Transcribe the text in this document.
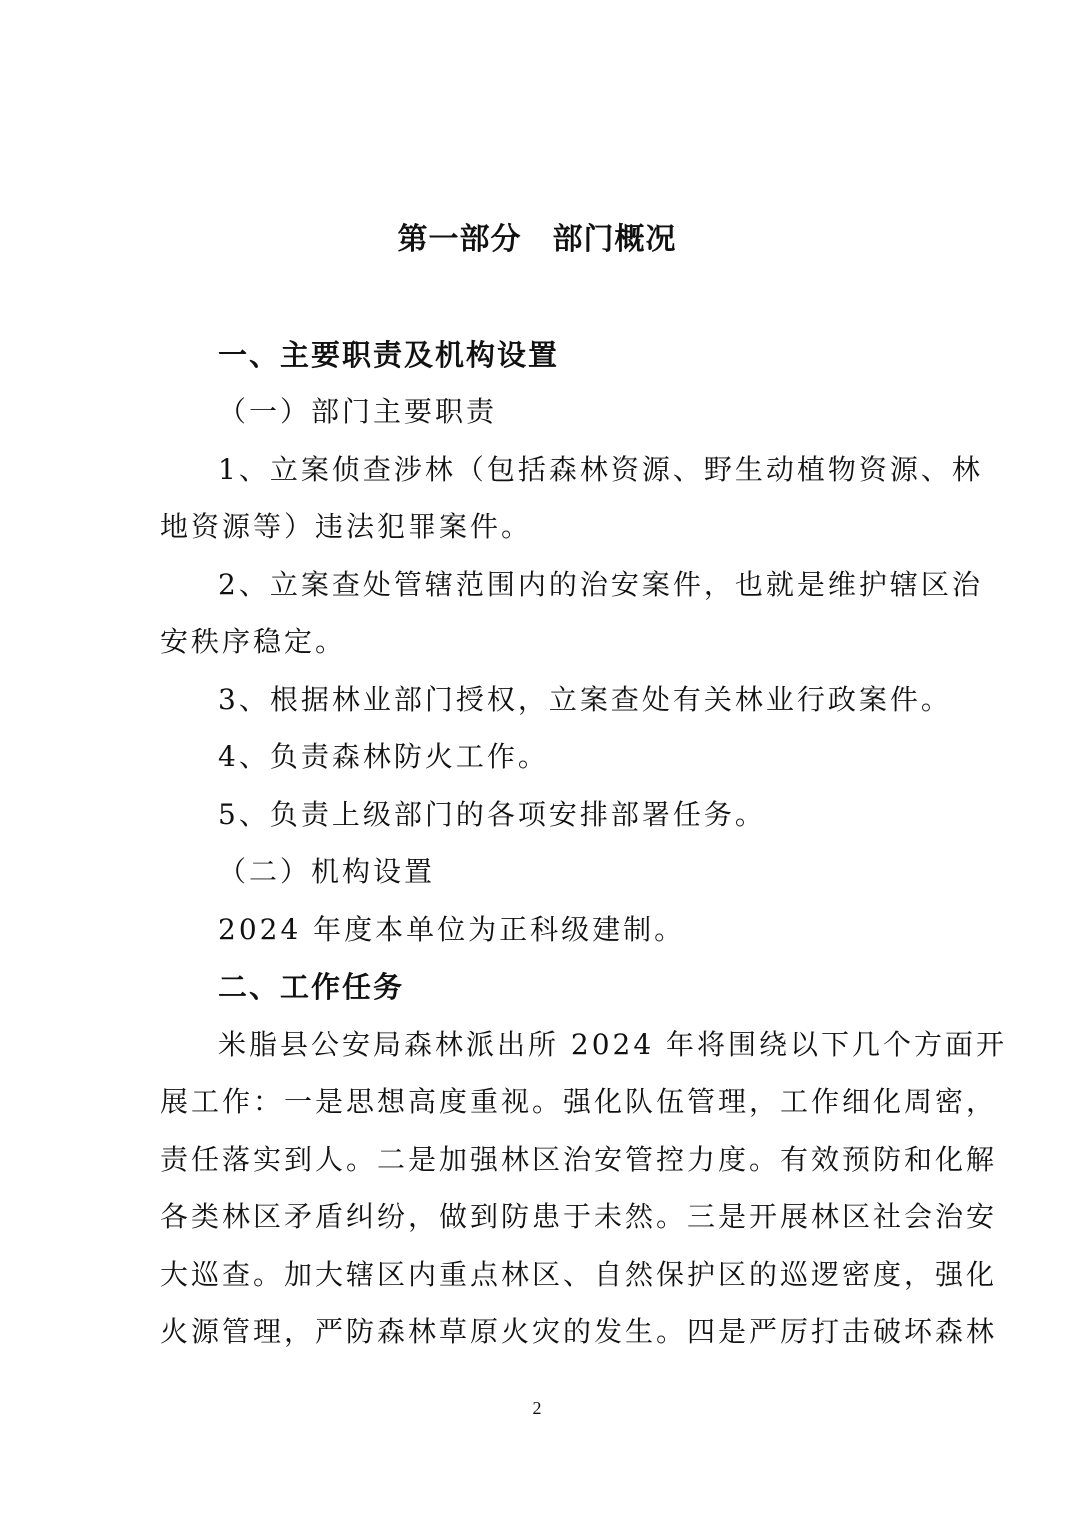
第一部分　部门概况
一、主要职责及机构设置
（一）部门主要职责
1、立案侦查涉林（包括森林资源、野生动植物资源、林
地资源等）违法犯罪案件。
2、立案查处管辖范围内的治安案件，也就是维护辖区治
安秩序稳定。
3、根据林业部门授权，立案查处有关林业行政案件。
4、负责森林防火工作。
5、负责上级部门的各项安排部署任务。
（二）机构设置
2024 年度本单位为正科级建制。
二、工作任务
米脂县公安局森林派出所 2024 年将围绕以下几个方面开
展工作：一是思想高度重视。强化队伍管理，工作细化周密，
责任落实到人。二是加强林区治安管控力度。有效预防和化解
各类林区矛盾纠纷，做到防患于未然。三是开展林区社会治安
大巡查。加大辖区内重点林区、自然保护区的巡逻密度，强化
火源管理，严防森林草原火灾的发生。四是严厉打击破坏森林
2
